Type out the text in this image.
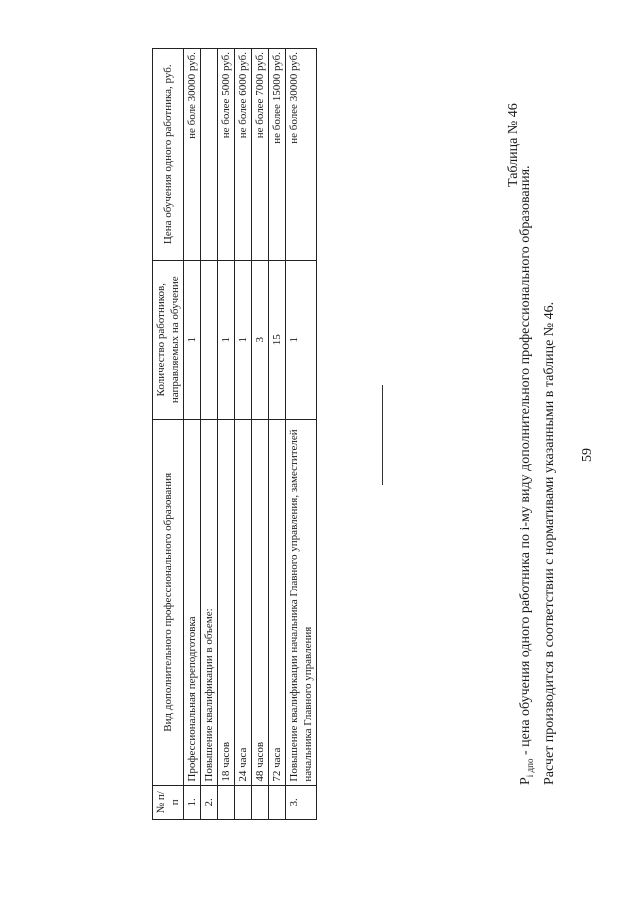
59
$P_{i дпо}$ - цена обучения одного работника по i-му виду дополнительного профессионального образования. Расчет производится в соответствии с нормативами указанными в таблице № 46.
Таблица № 46
№ п/п	Вид дополнительного профессионального образования	Количество работников, направляемых на обучение	Цена обучения одного работника, руб.
1.	Профессиональная переподготовка	1	не боле 30000 руб.
2.	Повышение квалификации в объеме:		
	18 часов	1	не более 5000 руб.
	24 часа	1	не более 6000 руб.
	48 часов	3	не более 7000 руб.
	72 часа	15	не более 15000 руб.
3.	Повышение квалификации начальника Главного управления, заместителей начальника Главного управления	1	не более 30000 руб.
